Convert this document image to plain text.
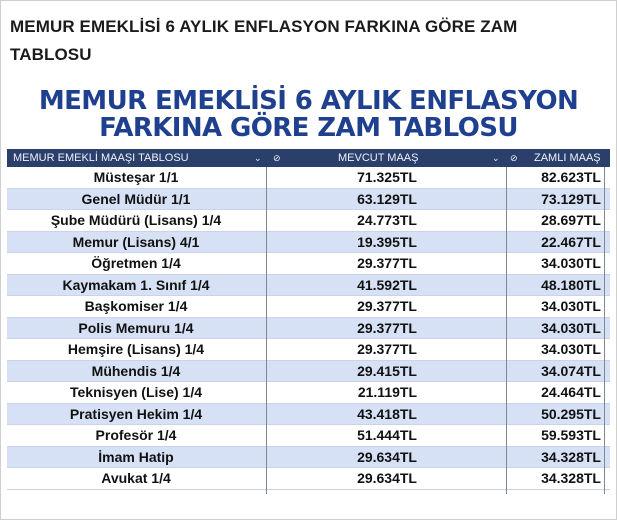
MEMUR EMEKLİSİ 6 AYLIK ENFLASYON FARKINA GÖRE ZAM TABLOSU
MEMUR EMEKLİSİ 6 AYLIK ENFLASYON
FARKINA GÖRE ZAM TABLOSU
MEMUR EMEKLİ MAAŞI TABLOSU	⌄ ⊘	MEVCUT MAAŞ	⌄ ⊘ ZAMLI MAAŞ
Müsteşar 1/1	71.325TL	82.623TL
Genel Müdür 1/1	63.129TL	73.129TL
Şube Müdürü (Lisans) 1/4	24.773TL	28.697TL
Memur (Lisans) 4/1	19.395TL	22.467TL
Öğretmen 1/4	29.377TL	34.030TL
Kaymakam 1. Sınıf 1/4	41.592TL	48.180TL
Başkomiser 1/4	29.377TL	34.030TL
Polis Memuru 1/4	29.377TL	34.030TL
Hemşire (Lisans) 1/4	29.377TL	34.030TL
Mühendis 1/4	29.415TL	34.074TL
Teknisyen (Lise) 1/4	21.119TL	24.464TL
Pratisyen Hekim 1/4	43.418TL	50.295TL
Profesör 1/4	51.444TL	59.593TL
İmam Hatip	29.634TL	34.328TL
Avukat 1/4	29.634TL	34.328TL
